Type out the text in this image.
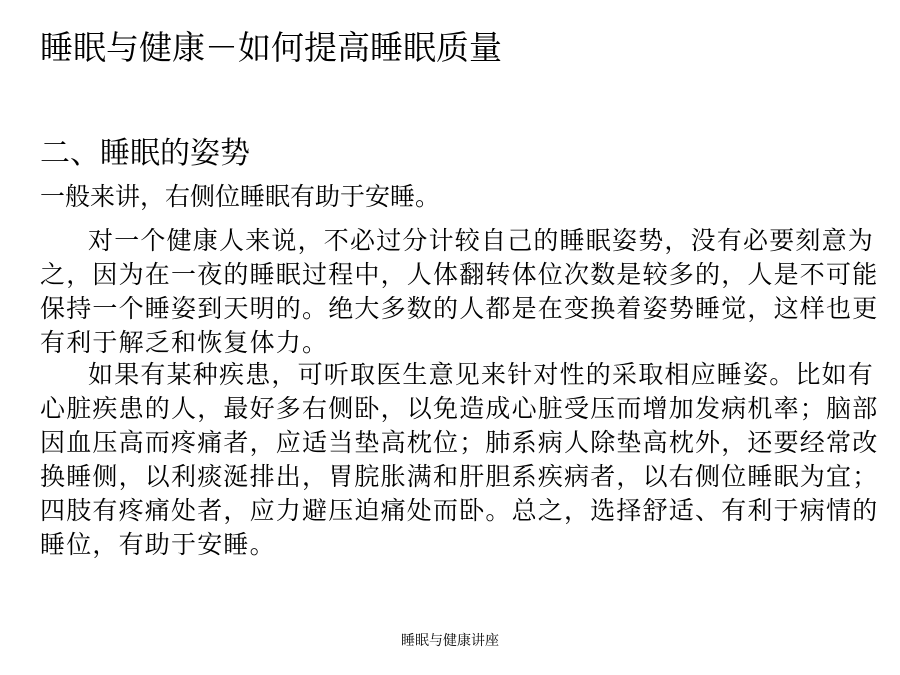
睡眠与健康－如何提高睡眠质量
二、睡眠的姿势
一般来讲，右侧位睡眠有助于安睡。

对一个健康人来说，不必过分计较自己的睡眠姿势，没有必要刻意为之，因为在一夜的睡眠过程中，人体翻转体位次数是较多的，人是不可能保持一个睡姿到天明的。绝大多数的人都是在变换着姿势睡觉，这样也更有利于解乏和恢复体力。

如果有某种疾患，可听取医生意见来针对性的采取相应睡姿。比如有心脏疾患的人，最好多右侧卧，以免造成心脏受压而增加发病机率；脑部因血压高而疼痛者，应适当垫高枕位；肺系病人除垫高枕外，还要经常改换睡侧，以利痰涎排出，胃脘胀满和肝胆系疾病者，以右侧位睡眠为宜；四肢有疼痛处者，应力避压迫痛处而卧。总之，选择舒适、有利于病情的睡位，有助于安睡。

睡眠与健康讲座
